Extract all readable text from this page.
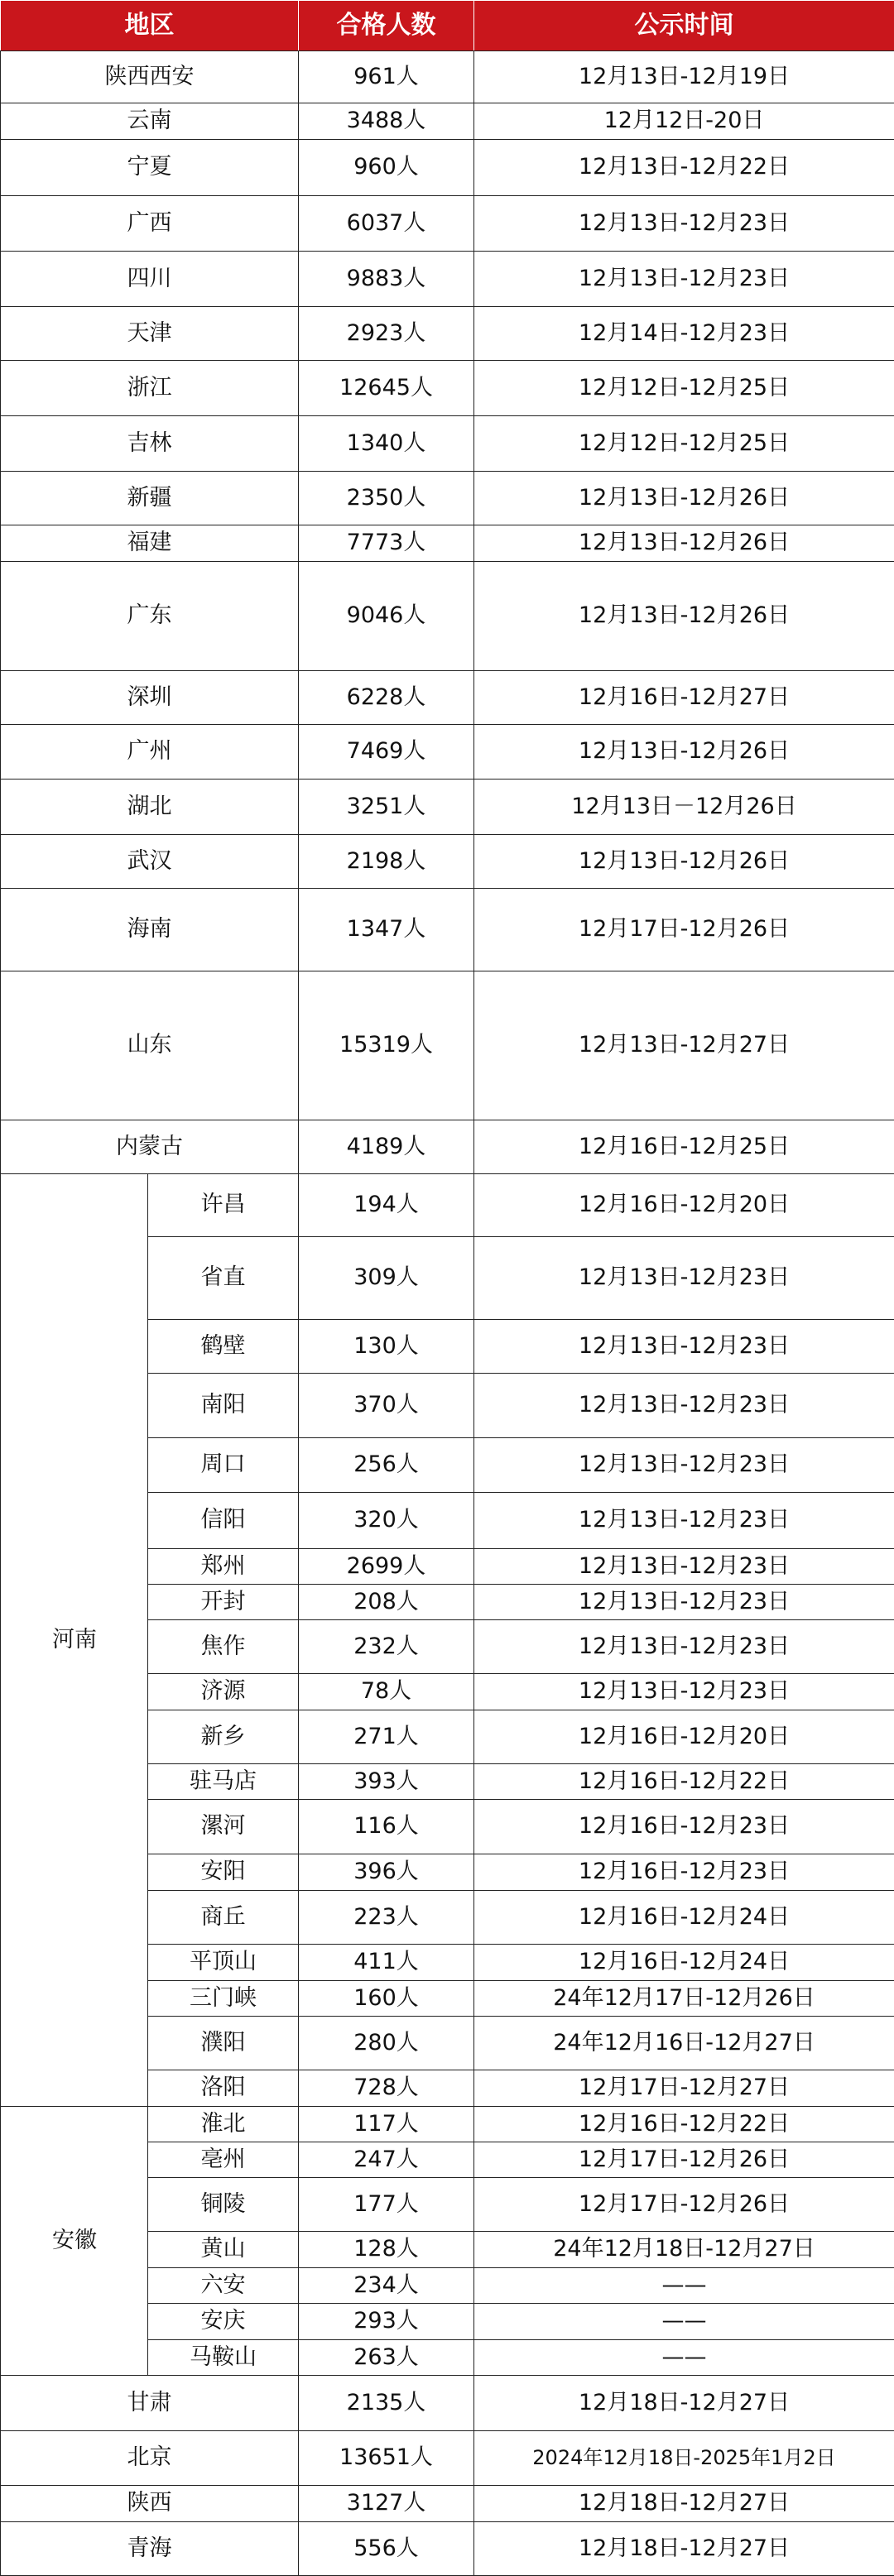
地区		合格人数	公示时间
陕西西安		961人	12月13日-12月19日
云南		3488人	12月12日-20日
宁夏		960人	12月13日-12月22日
广西		6037人	12月13日-12月23日
四川		9883人	12月13日-12月23日
天津		2923人	12月14日-12月23日
浙江		12645人	12月12日-12月25日
吉林		1340人	12月12日-12月25日
新疆		2350人	12月13日-12月26日
福建		7773人	12月13日-12月26日
广东		9046人	12月13日-12月26日
深圳		6228人	12月16日-12月27日
广州		7469人	12月13日-12月26日
湖北		3251人	12月13日－12月26日
武汉		2198人	12月13日-12月26日
海南		1347人	12月17日-12月26日
山东		15319人	12月13日-12月27日
内蒙古		4189人	12月16日-12月25日
河南	许昌	194人	12月16日-12月20日
	省直	309人	12月13日-12月23日
	鹤壁	130人	12月13日-12月23日
	南阳	370人	12月13日-12月23日
	周口	256人	12月13日-12月23日
	信阳	320人	12月13日-12月23日
	郑州	2699人	12月13日-12月23日
	开封	208人	12月13日-12月23日
	焦作	232人	12月13日-12月23日
	济源	78人	12月13日-12月23日
	新乡	271人	12月16日-12月20日
	驻马店	393人	12月16日-12月22日
	漯河	116人	12月16日-12月23日
	安阳	396人	12月16日-12月23日
	商丘	223人	12月16日-12月24日
	平顶山	411人	12月16日-12月24日
	三门峡	160人	24年12月17日-12月26日
	濮阳	280人	24年12月16日-12月27日
	洛阳	728人	12月17日-12月27日
安徽	淮北	117人	12月16日-12月22日
	亳州	247人	12月17日-12月26日
	铜陵	177人	12月17日-12月26日
	黄山	128人	24年12月18日-12月27日
	六安	234人	——
	安庆	293人	——
	马鞍山	263人	——
甘肃		2135人	12月18日-12月27日
北京		13651人	2024年12月18日-2025年1月2日
陕西		3127人	12月18日-12月27日
青海		556人	12月18日-12月27日
